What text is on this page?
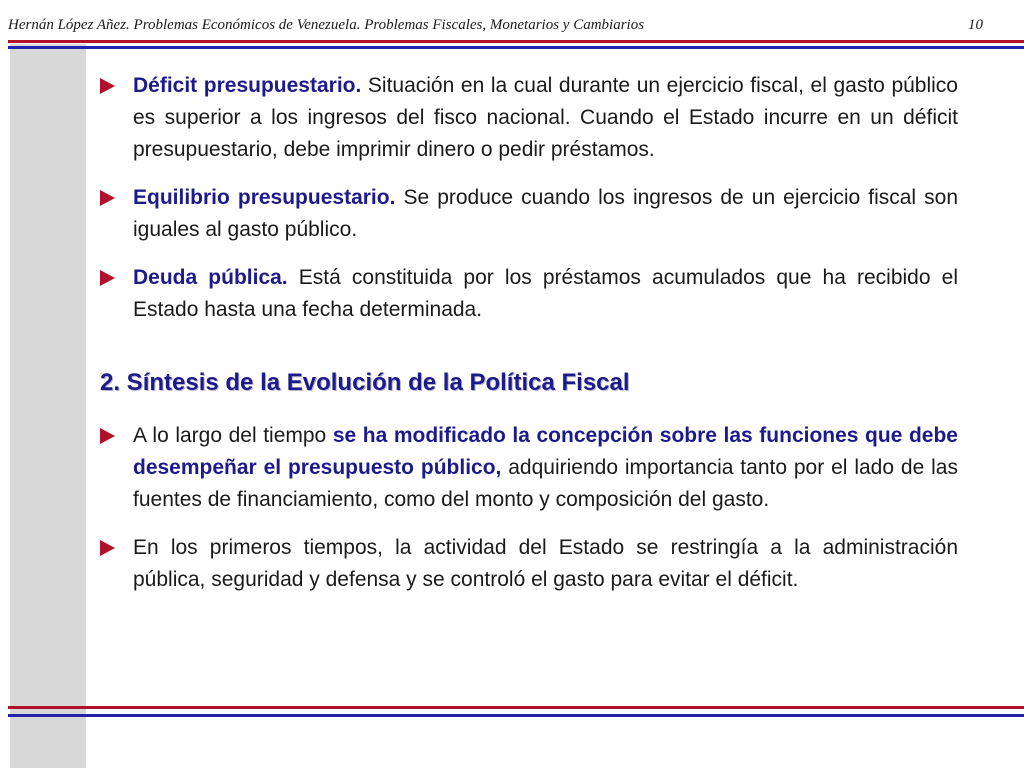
Hernán López Añez. Problemas Económicos de Venezuela. Problemas Fiscales, Monetarios y Cambiarios	10

Déficit presupuestario. Situación en la cual durante un ejercicio fiscal, el gasto público es superior a los ingresos del fisco nacional. Cuando el Estado incurre en un déficit presupuestario, debe imprimir dinero o pedir préstamos.

Equilibrio presupuestario. Se produce cuando los ingresos de un ejercicio fiscal son iguales al gasto público.

Deuda pública. Está constituida por los préstamos acumulados que ha recibido el Estado hasta una fecha determinada.

2. Síntesis de la Evolución de la Política Fiscal

A lo largo del tiempo se ha modificado la concepción sobre las funciones que debe desempeñar el presupuesto público, adquiriendo importancia tanto por el lado de las fuentes de financiamiento, como del monto y composición del gasto.

En los primeros tiempos, la actividad del Estado se restringía a la administración pública, seguridad y defensa y se controló el gasto para evitar el déficit.
